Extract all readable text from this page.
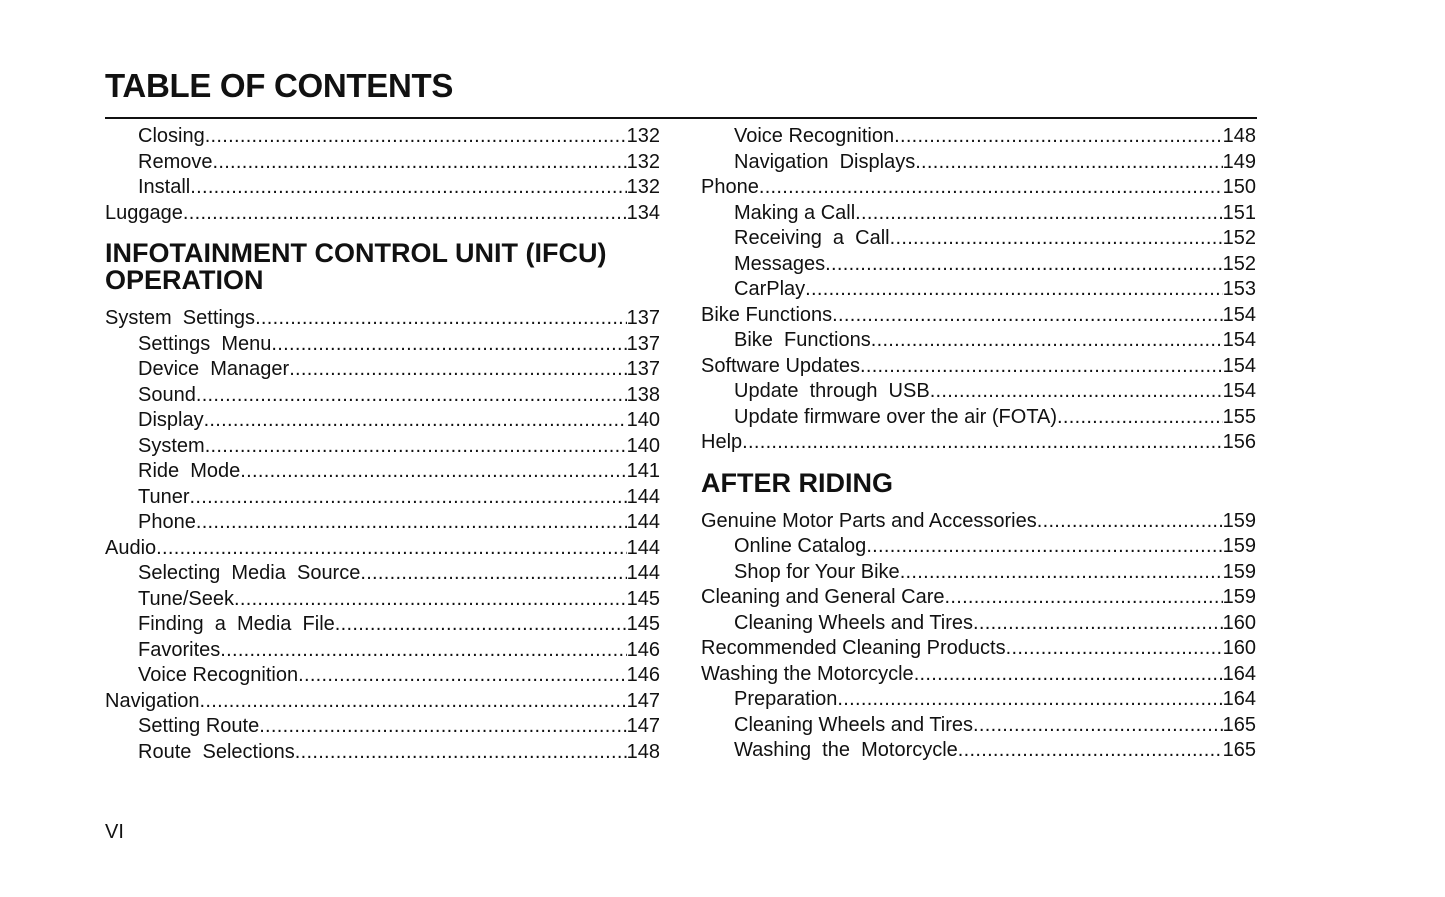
TABLE OF CONTENTS
Closing .....	132
Remove .....	132
Install .....	132
Luggage .....	134
INFOTAINMENT CONTROL UNIT (IFCU)
OPERATION
System  Settings .....	137
Settings  Menu .....	137
Device  Manager .....	137
Sound .....	138
Display .....	140
System .....	140
Ride  Mode .....	141
Tuner .....	144
Phone .....	144
Audio .....	144
Selecting  Media  Source .....	144
Tune/Seek .....	145
Finding  a  Media  File .....	145
Favorites .....	146
Voice Recognition .....	146
Navigation .....	147
Setting Route .....	147
Route  Selections .....	148
Voice Recognition .....	148
Navigation  Displays .....	149
Phone .....	150
Making a Call .....	151
Receiving  a  Call .....	152
Messages .....	152
CarPlay .....	153
Bike Functions .....	154
Bike  Functions .....	154
Software Updates .....	154
Update  through  USB .....	154
Update firmware over the air (FOTA) .....	155
Help .....	156
AFTER RIDING
Genuine Motor Parts and Accessories .....	159
Online Catalog .....	159
Shop for Your Bike .....	159
Cleaning and General Care .....	159
Cleaning Wheels and Tires .....	160
Recommended Cleaning Products .....	160
Washing the Motorcycle .....	164
Preparation .....	164
Cleaning Wheels and Tires .....	165
Washing  the  Motorcycle .....	165
VI
